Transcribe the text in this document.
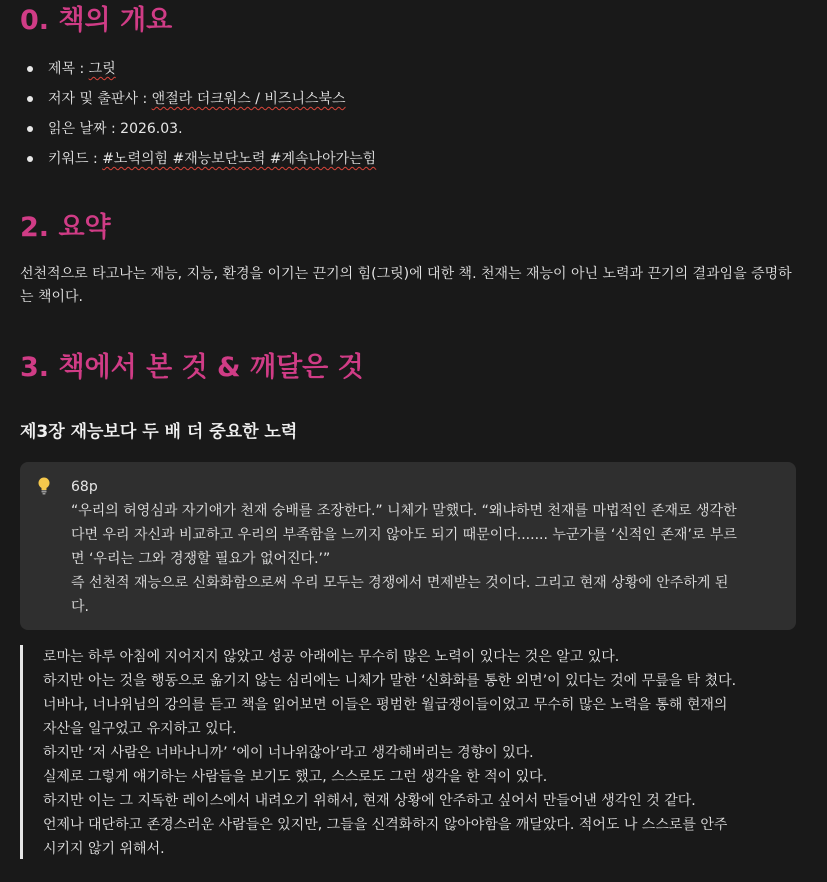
0. 책의 개요
제목 : 그릿
저자 및 출판사 : 앤절라 더크워스 / 비즈니스북스
읽은 날짜 : 2026.03.
키워드 : #노력의힘 #재능보단노력 #계속나아가는힘
2. 요약
선천적으로 타고나는 재능, 지능, 환경을 이기는 끈기의 힘(그릿)에 대한 책. 천재는 재능이 아닌 노력과 끈기의 결과임을 증명하는 책이다.
3. 책에서 본 것 & 깨달은 것
제3장 재능보다 두 배 더 중요한 노력
68p
“우리의 허영심과 자기애가 천재 숭배를 조장한다.” 니체가 말했다. “왜냐하면 천재를 마법적인 존재로 생각한
다면 우리 자신과 비교하고 우리의 부족함을 느끼지 않아도 되기 때문이다....... 누군가를 ‘신적인 존재’로 부르
면 ‘우리는 그와 경쟁할 필요가 없어진다.’”
즉 선천적 재능으로 신화화함으로써 우리 모두는 경쟁에서 면제받는 것이다. 그리고 현재 상황에 안주하게 된
다.
로마는 하루 아침에 지어지지 않았고 성공 아래에는 무수히 많은 노력이 있다는 것은 알고 있다.
하지만 아는 것을 행동으로 옮기지 않는 심리에는 니체가 말한 ‘신화화를 통한 외면’이 있다는 것에 무릎을 탁 쳤다.
너바나, 너나위님의 강의를 듣고 책을 읽어보면 이들은 평범한 월급쟁이들이었고 무수히 많은 노력을 통해 현재의
자산을 일구었고 유지하고 있다.
하지만 ‘저 사람은 너바나니까’ ‘에이 너나위잖아’라고 생각해버리는 경향이 있다.
실제로 그렇게 얘기하는 사람들을 보기도 했고, 스스로도 그런 생각을 한 적이 있다.
하지만 이는 그 지독한 레이스에서 내려오기 위해서, 현재 상황에 안주하고 싶어서 만들어낸 생각인 것 같다.
언제나 대단하고 존경스러운 사람들은 있지만, 그들을 신격화하지 않아야함을 깨달았다. 적어도 나 스스로를 안주
시키지 않기 위해서.
